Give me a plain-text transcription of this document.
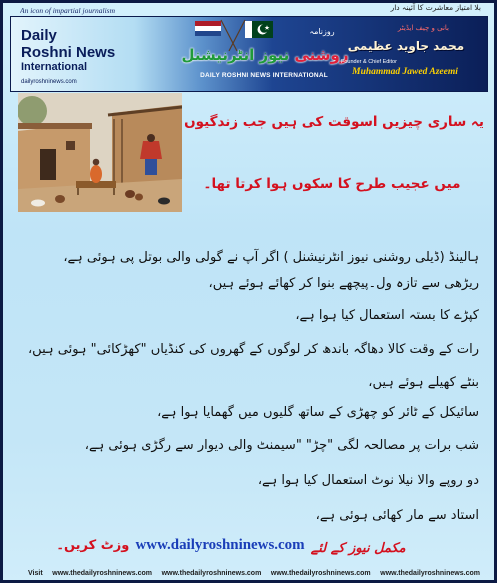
An icon of impartial journalism	بلا امتیاز معاشرت کا آئینہ دار
Daily
Roshni News
International
dailyroshninews.com
روزنامہ
روشنی نیوز انٹرنیشنل
DAILY ROSHNI NEWS INTERNATIONAL
بانی و چیف ایڈیٹر
محمد جاوید عظیمی
Founder & Chief Editor
Muhammad Jawed Azeemi

یہ ساری چیزیں اسوقت کی ہیں جب زندگیوں

میں عجیب طرح کا سکوں ہوا کرتا تھا۔

ہالینڈ (ڈیلی روشنی نیوز انٹرنیشنل ) اگر آپ نے گولی والی بوتل پی ہوئی ہے،

ریڑھی سے تازہ ول۔پیچھے بنوا کر کھائے ہوئے ہیں،

کپڑے کا بستہ استعمال کیا ہوا ہے،

رات کے وقت کالا دھاگہ باندھ کر لوگوں کے گھروں کی کنڈیاں "کھڑکائی" ہوئی ہیں،

بنٹے کھیلے ہوئے ہیں،

سائیکل کے ٹائر کو چھڑی کے ساتھ گلیوں میں گھمایا ہوا ہے،

شب برات پر مصالحہ لگی "چڑ" "سیمنٹ والی دیوار سے رگڑی ہوئی ہے،

دو روپے والا نیلا نوٹ استعمال کیا ہوا ہے،

استاد سے مار کھائی ہوئی ہے،

مکمل نیوز کے لئے www.dailyroshninews.com وزٹ کریں۔
Visit www.thedailyroshninews.com www.thedailyroshninews.com www.thedailyroshninews.com www.thedailyroshninews.com
